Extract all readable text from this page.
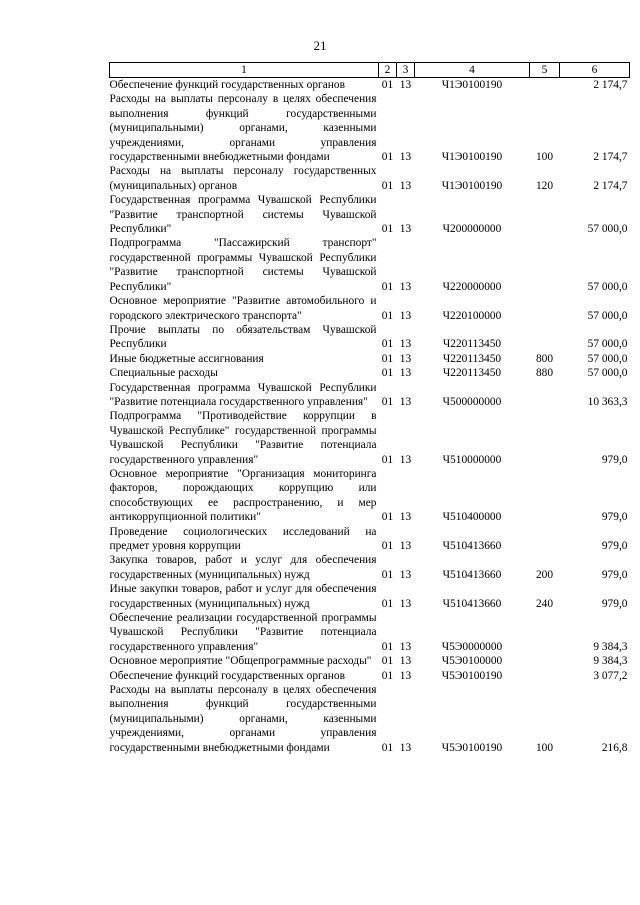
21
1	2	3	4	5	6
Обеспечение функций государственных органов	01	13	Ч1Э0100190		2 174,7
Расходы на выплаты персоналу в целях обеспечения выполнения функций государственными (муниципальными) органами, казенными учреждениями, органами управления государственными внебюджетными фондами	01	13	Ч1Э0100190	100	2 174,7
Расходы на выплаты персоналу государственных (муниципальных) органов	01	13	Ч1Э0100190	120	2 174,7
Государственная программа Чувашской Республики "Развитие транспортной системы Чувашской Республики"	01	13	Ч200000000		57 000,0
Подпрограмма "Пассажирский транспорт" государственной программы Чувашской Республики "Развитие транспортной системы Чувашской Республики"	01	13	Ч220000000		57 000,0
Основное мероприятие "Развитие автомобильного и городского электрического транспорта"	01	13	Ч220100000		57 000,0
Прочие выплаты по обязательствам Чувашской Республики	01	13	Ч220113450		57 000,0
Иные бюджетные ассигнования	01	13	Ч220113450	800	57 000,0
Специальные расходы	01	13	Ч220113450	880	57 000,0
Государственная программа Чувашской Республики "Развитие потенциала государственного управления"	01	13	Ч500000000		10 363,3
Подпрограмма "Противодействие коррупции в Чувашской Республике" государственной программы Чувашской Республики "Развитие потенциала государственного управления"	01	13	Ч510000000		979,0
Основное мероприятие "Организация мониторинга факторов, порождающих коррупцию или способствующих ее распространению, и мер антикоррупционной политики"	01	13	Ч510400000		979,0
Проведение социологических исследований на предмет уровня коррупции	01	13	Ч510413660		979,0
Закупка товаров, работ и услуг для обеспечения государственных (муниципальных) нужд	01	13	Ч510413660	200	979,0
Иные закупки товаров, работ и услуг для обеспечения государственных (муниципальных) нужд	01	13	Ч510413660	240	979,0
Обеспечение реализации государственной программы Чувашской Республики "Развитие потенциала государственного управления"	01	13	Ч5Э0000000		9 384,3
Основное мероприятие "Общепрограммные расходы"	01	13	Ч5Э0100000		9 384,3
Обеспечение функций государственных органов	01	13	Ч5Э0100190		3 077,2
Расходы на выплаты персоналу в целях обеспечения выполнения функций государственными (муниципальными) органами, казенными учреждениями, органами управления государственными внебюджетными фондами	01	13	Ч5Э0100190	100	216,8
